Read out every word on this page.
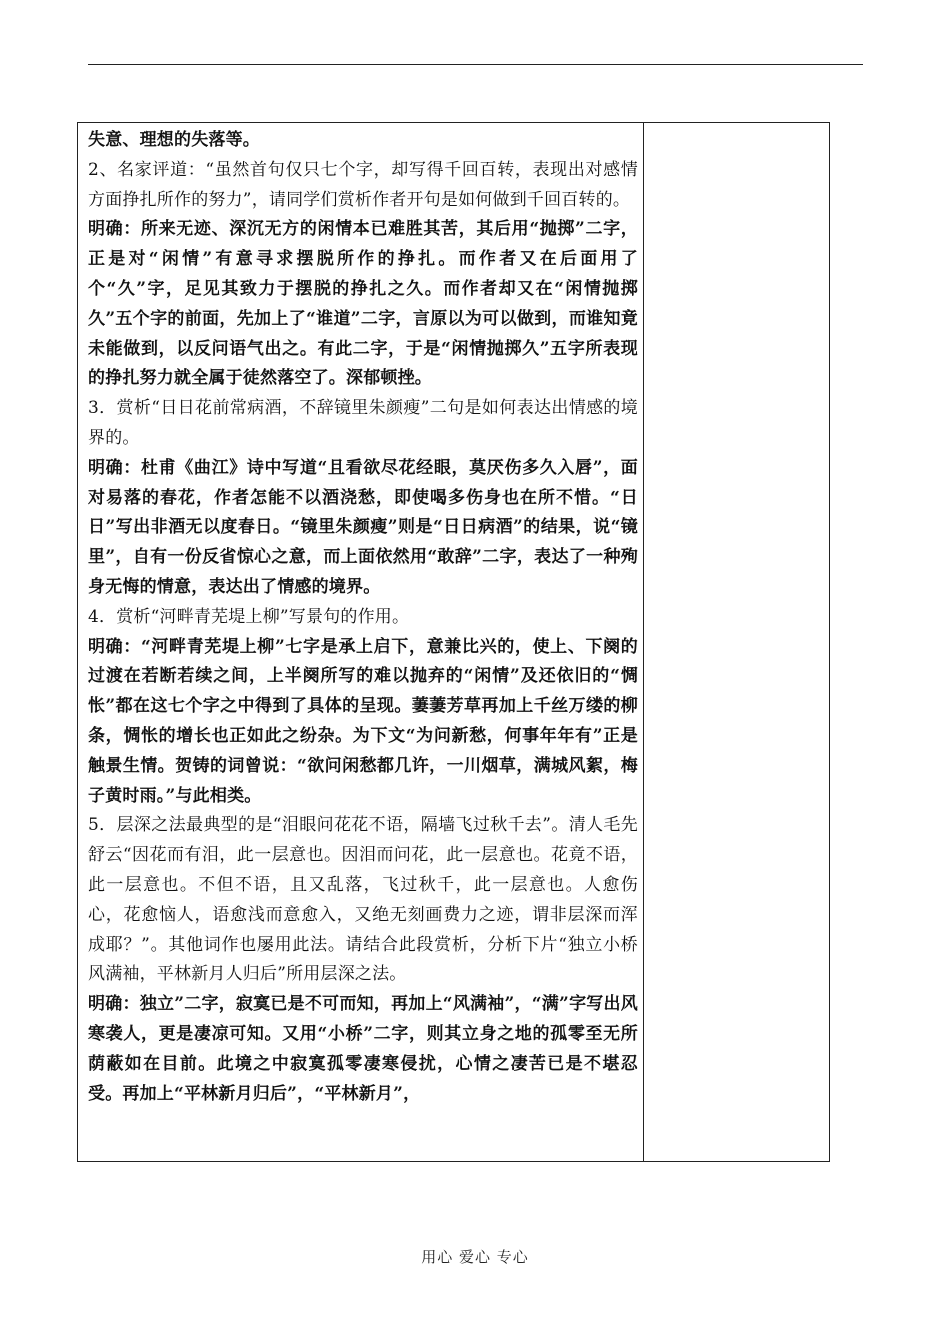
失意、理想的失落等。

2、名家评道：“虽然首句仅只七个字，却写得千回百转，表现出对感情方面挣扎所作的努力”，请同学们赏析作者开句是如何做到千回百转的。

明确：所来无迹、深沉无方的闲情本已难胜其苦，其后用“抛掷”二字，正是对“闲情”有意寻求摆脱所作的挣扎。而作者又在后面用了个“久”字，足见其致力于摆脱的挣扎之久。而作者却又在“闲情抛掷久”五个字的前面，先加上了“谁道”二字，言原以为可以做到，而谁知竟未能做到，以反问语气出之。有此二字，于是“闲情抛掷久”五字所表现的挣扎努力就全属于徒然落空了。深郁顿挫。

3．赏析“日日花前常病酒，不辞镜里朱颜瘦”二句是如何表达出情感的境界的。

明确：杜甫《曲江》诗中写道“且看欲尽花经眼，莫厌伤多久入唇”，面对易落的春花，作者怎能不以酒浇愁，即使喝多伤身也在所不惜。“日日”写出非酒无以度春日。“镜里朱颜瘦”则是“日日病酒”的结果，说“镜里”，自有一份反省惊心之意，而上面依然用“敢辞”二字，表达了一种殉身无悔的情意，表达出了情感的境界。

4．赏析“河畔青芜堤上柳”写景句的作用。

明确：“河畔青芜堤上柳”七字是承上启下，意兼比兴的，使上、下阕的过渡在若断若续之间，上半阕所写的难以抛弃的“闲情”及还依旧的“惆怅”都在这七个字之中得到了具体的呈现。萋萋芳草再加上千丝万缕的柳条，惆怅的增长也正如此之纷杂。为下文“为问新愁，何事年年有”正是触景生情。贺铸的词曾说：“欲问闲愁都几许，一川烟草，满城风絮，梅子黄时雨。”与此相类。

5．层深之法最典型的是“泪眼问花花不语，隔墙飞过秋千去”。清人毛先舒云“因花而有泪，此一层意也。因泪而问花，此一层意也。花竟不语，此一层意也。不但不语，且又乱落，飞过秋千，此一层意也。人愈伤心，花愈恼人，语愈浅而意愈入，又绝无刻画费力之迹，谓非层深而浑成耶？”。其他词作也屡用此法。请结合此段赏析，分析下片“独立小桥风满袖，平林新月人归后”所用层深之法。

明确：独立”二字，寂寞已是不可而知，再加上“风满袖”，“满”字写出风寒袭人，更是凄凉可知。又用“小桥”二字，则其立身之地的孤零至无所荫蔽如在目前。此境之中寂寞孤零凄寒侵扰，心情之凄苦已是不堪忍受。再加上“平林新月归后”，“平林新月”，

用心 爱心 专心
